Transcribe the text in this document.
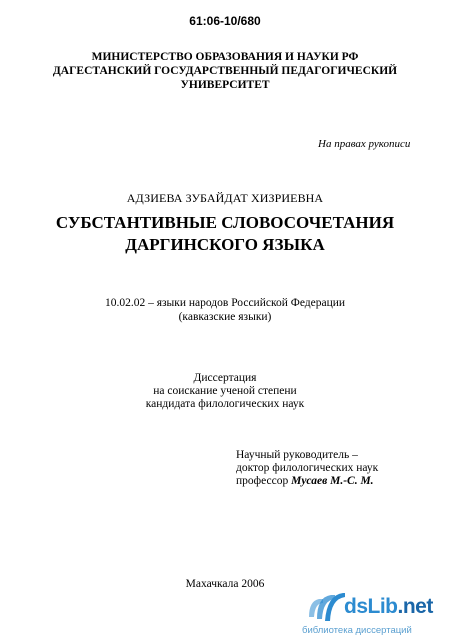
61:06-10/680
МИНИСТЕРСТВО ОБРАЗОВАНИЯ И НАУКИ РФ
ДАГЕСТАНСКИЙ ГОСУДАРСТВЕННЫЙ ПЕДАГОГИЧЕСКИЙ
УНИВЕРСИТЕТ
На правах рукописи
АДЗИЕВА ЗУБАЙДАТ ХИЗРИЕВНА
СУБСТАНТИВНЫЕ СЛОВОСОЧЕТАНИЯ
ДАРГИНСКОГО ЯЗЫКА
10.02.02 – языки народов Российской Федерации
(кавказские языки)
Диссертация
на соискание ученой степени
кандидата филологических наук
Научный руководитель –
доктор филологических наук
профессор Мусаев М.-С. М.
Махачкала 2006
dsLib.net
библиотека диссертаций
